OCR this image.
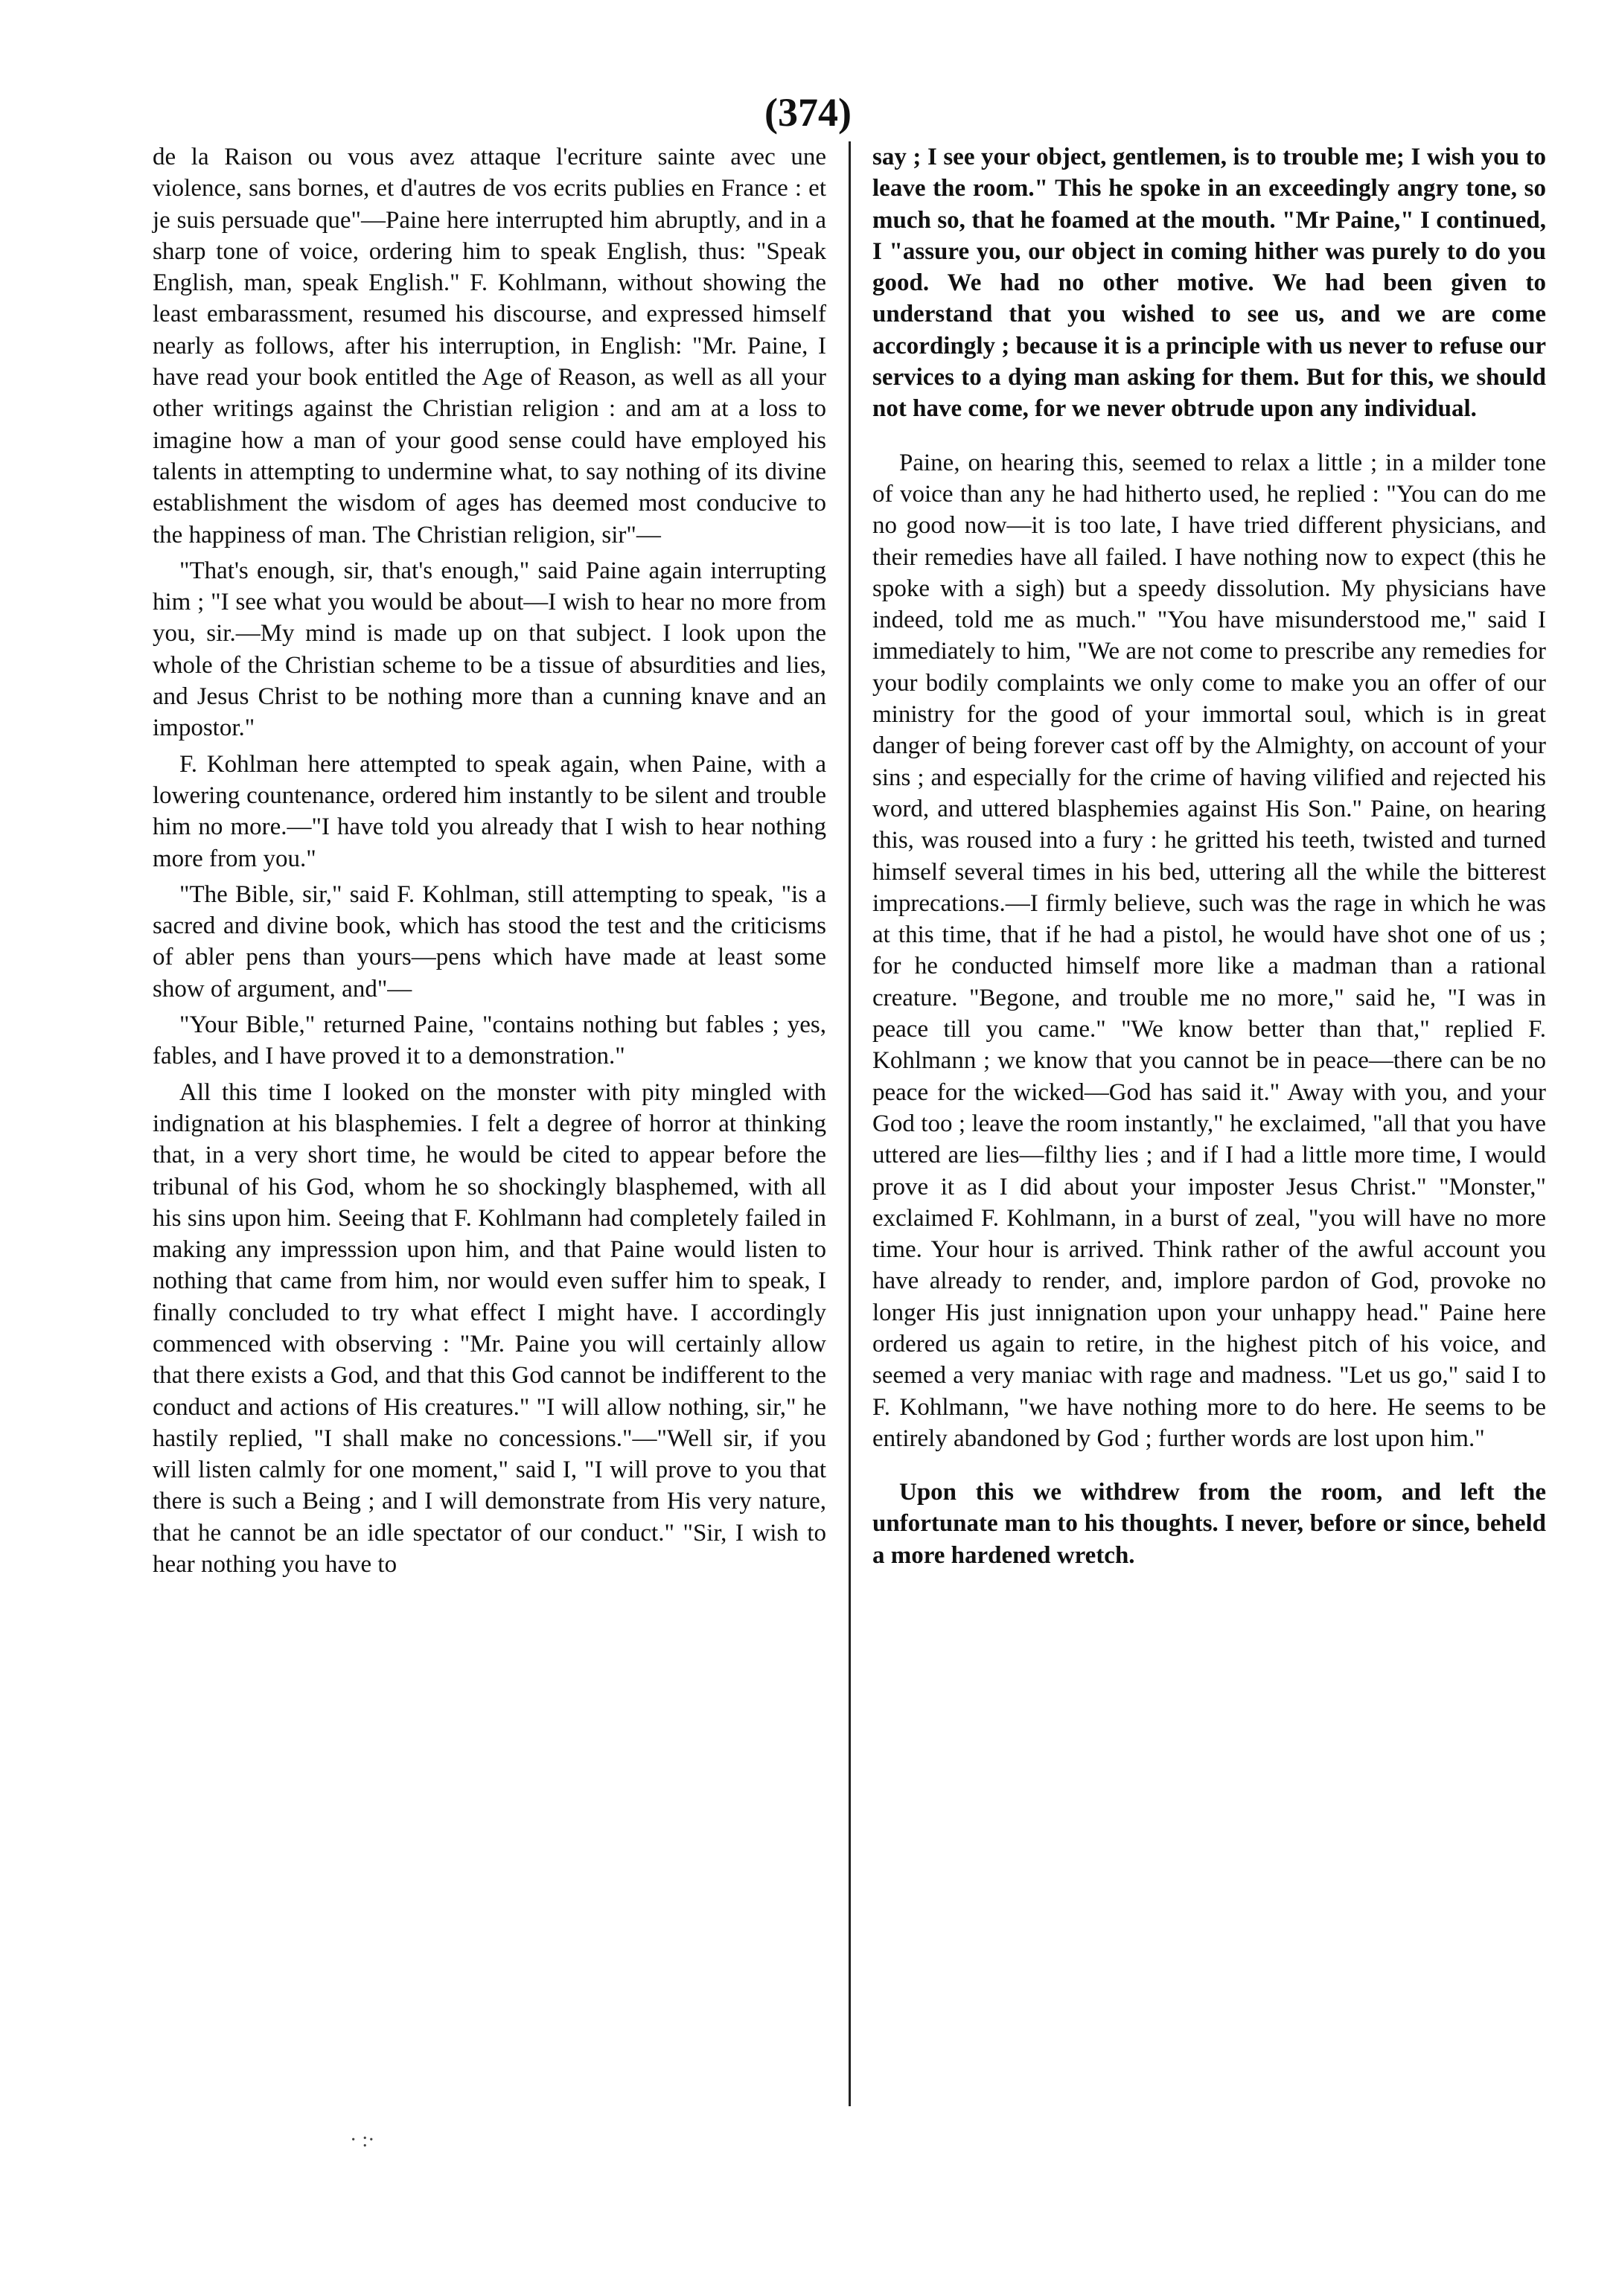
(374)

de la Raison ou vous avez attaque l'ecriture sainte avec une violence, sans bornes, et d'autres de vos ecrits publies en France : et je suis persuade que"—Paine here interrupted him abruptly, and in a sharp tone of voice, ordering him to speak English, thus: "Speak English, man, speak English." F. Kohlmann, without showing the least embarassment, resumed his discourse, and expressed himself nearly as follows, after his interruption, in English: "Mr. Paine, I have read your book entitled the Age of Reason, as well as all your other writings against the Christian religion : and am at a loss to imagine how a man of your good sense could have employed his talents in attempting to undermine what, to say nothing of its divine establishment the wisdom of ages has deemed most conducive to the happiness of man. The Christian religion, sir"—

"That's enough, sir, that's enough," said Paine again interrupting him ; "I see what you would be about—I wish to hear no more from you, sir.—My mind is made up on that subject. I look upon the whole of the Christian scheme to be a tissue of absurdities and lies, and Jesus Christ to be nothing more than a cunning knave and an impostor."

F. Kohlman here attempted to speak again, when Paine, with a lowering countenance, ordered him instantly to be silent and trouble him no more.—"I have told you already that I wish to hear nothing more from you."

"The Bible, sir," said F. Kohlman, still attempting to speak, "is a sacred and divine book, which has stood the test and the criticisms of abler pens than yours—pens which have made at least some show of argument, and"—

"Your Bible," returned Paine, "contains nothing but fables ; yes, fables, and I have proved it to a demonstration."

All this time I looked on the monster with pity mingled with indignation at his blasphemies. I felt a degree of horror at thinking that, in a very short time, he would be cited to appear before the tribunal of his God, whom he so shockingly blasphemed, with all his sins upon him. Seeing that F. Kohlmann had completely failed in making any impresssion upon him, and that Paine would listen to nothing that came from him, nor would even suffer him to speak, I finally concluded to try what effect I might have. I accordingly commenced with observing : "Mr. Paine you will certainly allow that there exists a God, and that this God cannot be indifferent to the conduct and actions of His creatures." "I will allow nothing, sir," he hastily replied, "I shall make no concessions."—"Well sir, if you will listen calmly for one moment," said I, "I will prove to you that there is such a Being ; and I will demonstrate from His very nature, that he cannot be an idle spectator of our conduct." "Sir, I wish to hear nothing you have to

say ; I see your object, gentlemen, is to trouble me; I wish you to leave the room." This he spoke in an exceedingly angry tone, so much so, that he foamed at the mouth. "Mr Paine," I continued, I "assure you, our object in coming hither was purely to do you good. We had no other motive. We had been given to understand that you wished to see us, and we are come accordingly ; because it is a principle with us never to refuse our services to a dying man asking for them. But for this, we should not have come, for we never obtrude upon any individual.

Paine, on hearing this, seemed to relax a little ; in a milder tone of voice than any he had hitherto used, he replied : "You can do me no good now—it is too late, I have tried different physicians, and their remedies have all failed. I have nothing now to expect (this he spoke with a sigh) but a speedy dissolution. My physicians have indeed, told me as much." "You have misunderstood me," said I immediately to him, "We are not come to prescribe any remedies for your bodily complaints we only come to make you an offer of our ministry for the good of your immortal soul, which is in great danger of being forever cast off by the Almighty, on account of your sins ; and especially for the crime of having vilified and rejected his word, and uttered blasphemies against His Son." Paine, on hearing this, was roused into a fury : he gritted his teeth, twisted and turned himself several times in his bed, uttering all the while the bitterest imprecations.—I firmly believe, such was the rage in which he was at this time, that if he had a pistol, he would have shot one of us ; for he conducted himself more like a madman than a rational creature. "Begone, and trouble me no more," said he, "I was in peace till you came." "We know better than that," replied F. Kohlmann ; we know that you cannot be in peace—there can be no peace for the wicked—God has said it." Away with you, and your God too ; leave the room instantly," he exclaimed, "all that you have uttered are lies—filthy lies ; and if I had a little more time, I would prove it as I did about your imposter Jesus Christ." "Monster," exclaimed F. Kohlmann, in a burst of zeal, "you will have no more time. Your hour is arrived. Think rather of the awful account you have already to render, and, implore pardon of God, provoke no longer His just innignation upon your unhappy head." Paine here ordered us again to retire, in the highest pitch of his voice, and seemed a very maniac with rage and madness. "Let us go," said I to F. Kohlmann, "we have nothing more to do here. He seems to be entirely abandoned by God ; further words are lost upon him."

Upon this we withdrew from the room, and left the unfortunate man to his thoughts. I never, before or since, beheld a more hardened wretch.

· :·
